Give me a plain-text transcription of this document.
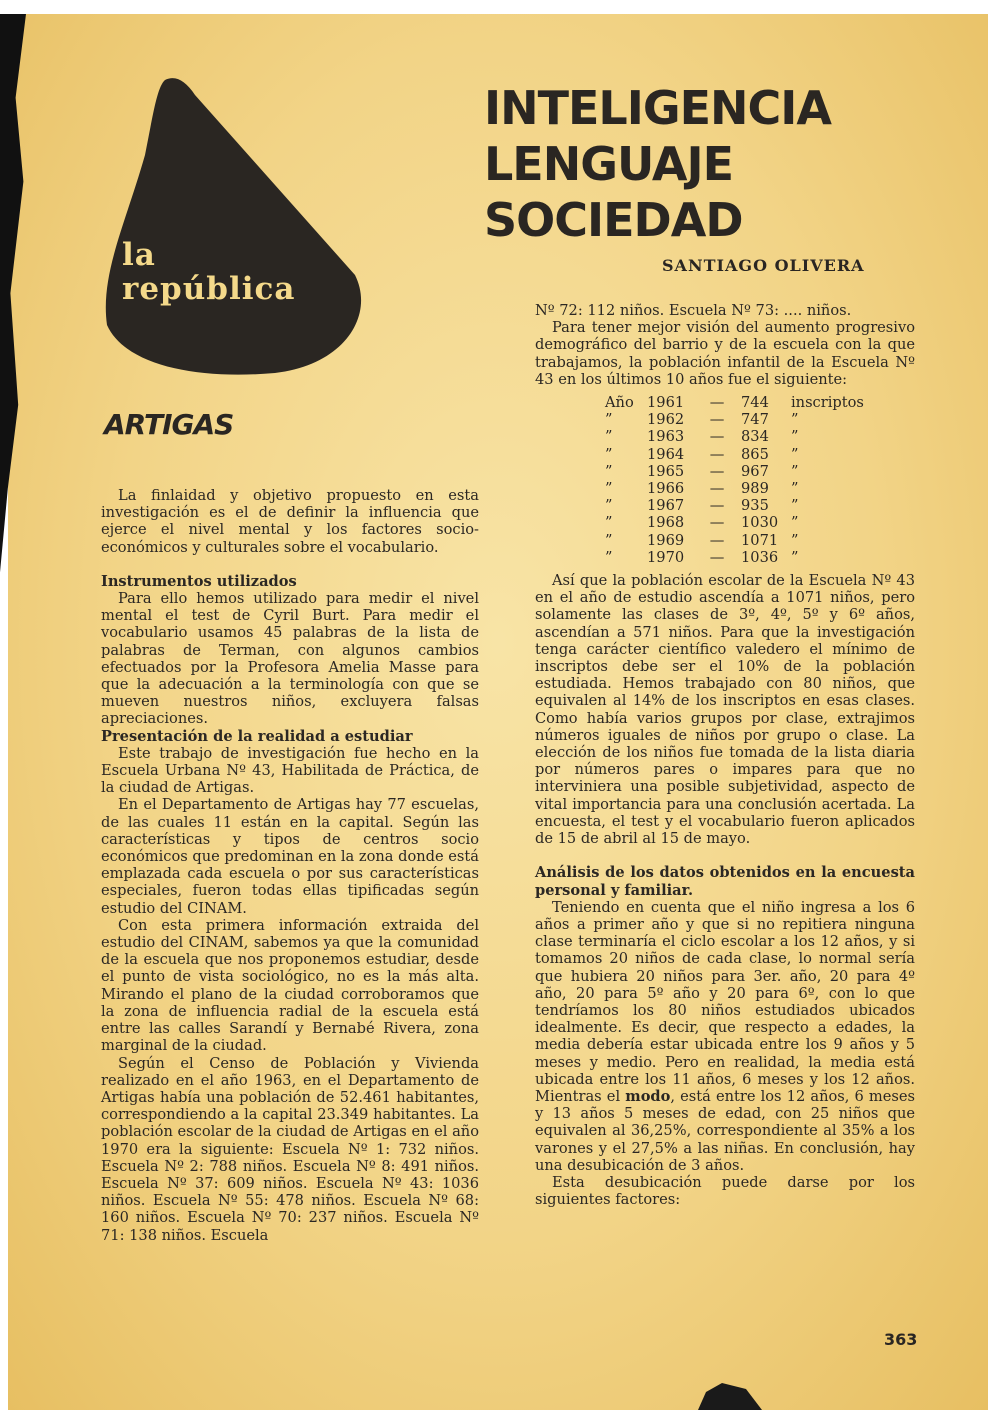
la
república
INTELIGENCIA
LENGUAJE
SOCIEDAD
SANTIAGO OLIVERA
ARTIGAS

La finlaidad y objetivo propuesto en esta investigación es el de definir la influencia que ejerce el nivel mental y los factores socio-económicos y culturales sobre el vocabulario.

Instrumentos utilizados

Para ello hemos utilizado para medir el nivel mental el test de Cyril Burt. Para medir el vocabulario usamos 45 palabras de la lista de palabras de Terman, con algunos cambios efectuados por la Profesora Amelia Masse para que la adecuación a la terminología con que se mueven nuestros niños, excluyera falsas apreciaciones.

Presentación de la realidad a estudiar

Este trabajo de investigación fue hecho en la Escuela Urbana Nº 43, Habilitada de Práctica, de la ciudad de Artigas.

En el Departamento de Artigas hay 77 escuelas, de las cuales 11 están en la capital. Según las características y tipos de centros socio económicos que predominan en la zona donde está emplazada cada escuela o por sus características especiales, fueron todas ellas tipificadas según estudio del CINAM.

Con esta primera información extraida del estudio del CINAM, sabemos ya que la comunidad de la escuela que nos proponemos estudiar, desde el punto de vista sociológico, no es la más alta. Mirando el plano de la ciudad corroboramos que la zona de influencia radial de la escuela está entre las calles Sarandí y Bernabé Rivera, zona marginal de la ciudad.

Según el Censo de Población y Vivienda realizado en el año 1963, en el Departamento de Artigas había una población de 52.461 habitantes, correspondiendo a la capital 23.349 habitantes. La población escolar de la ciudad de Artigas en el año 1970 era la siguiente: Escuela Nº 1: 732 niños. Escuela Nº 2: 788 niños. Escuela Nº 8: 491 niños. Escuela Nº 37: 609 niños. Escuela Nº 43: 1036 niños. Escuela Nº 55: 478 niños. Escuela Nº 68: 160 niños. Escuela Nº 70: 237 niños. Escuela Nº 71: 138 niños. Escuela

Nº 72: 112 niños. Escuela Nº 73: .... niños.

Para tener mejor visión del aumento progresivo demográfico del barrio y de la escuela con la que trabajamos, la población infantil de la Escuela Nº 43 en los últimos 10 años fue el siguiente:

Año 1961	—	744	inscriptos
”	1962	—	747	”
”	1963	—	834	”
”	1964	—	865	”
”	1965	—	967	”
”	1966	—	989	”
”	1967	—	935	”
”	1968	—	1030 ”
”	1969	—	1071 ”
”	1970	—	1036 ”

Así que la población escolar de la Escuela Nº 43 en el año de estudio ascendía a 1071 niños, pero solamente las clases de 3º, 4º, 5º y 6º años, ascendían a 571 niños. Para que la investigación tenga carácter científico valedero el mínimo de inscriptos debe ser el 10% de la población estudiada. Hemos trabajado con 80 niños, que equivalen al 14% de los inscriptos en esas clases. Como había varios grupos por clase, extrajimos números iguales de niños por grupo o clase. La elección de los niños fue tomada de la lista diaria por números pares o impares para que no interviniera una posible subjetividad, aspecto de vital importancia para una conclusión acertada. La encuesta, el test y el vocabulario fueron aplicados de 15 de abril al 15 de mayo.

Análisis de los datos obtenidos en la encuesta personal y familiar.

Teniendo en cuenta que el niño ingresa a los 6 años a primer año y que si no repitiera ninguna clase terminaría el ciclo escolar a los 12 años, y si tomamos 20 niños de cada clase, lo normal sería que hubiera 20 niños para 3er. año, 20 para 4º año, 20 para 5º año y 20 para 6º, con lo que tendríamos los 80 niños estudiados ubicados idealmente. Es decir, que respecto a edades, la media debería estar ubicada entre los 9 años y 5 meses y medio. Pero en realidad, la media está ubicada entre los 11 años, 6 meses y los 12 años. Mientras el modo, está entre los 12 años, 6 meses y 13 años 5 meses de edad, con 25 niños que equivalen al 36,25%, correspondiente al 35% a los varones y el 27,5% a las niñas. En conclusión, hay una desubicación de 3 años.

Esta desubicación puede darse por los siguientes factores:

363
